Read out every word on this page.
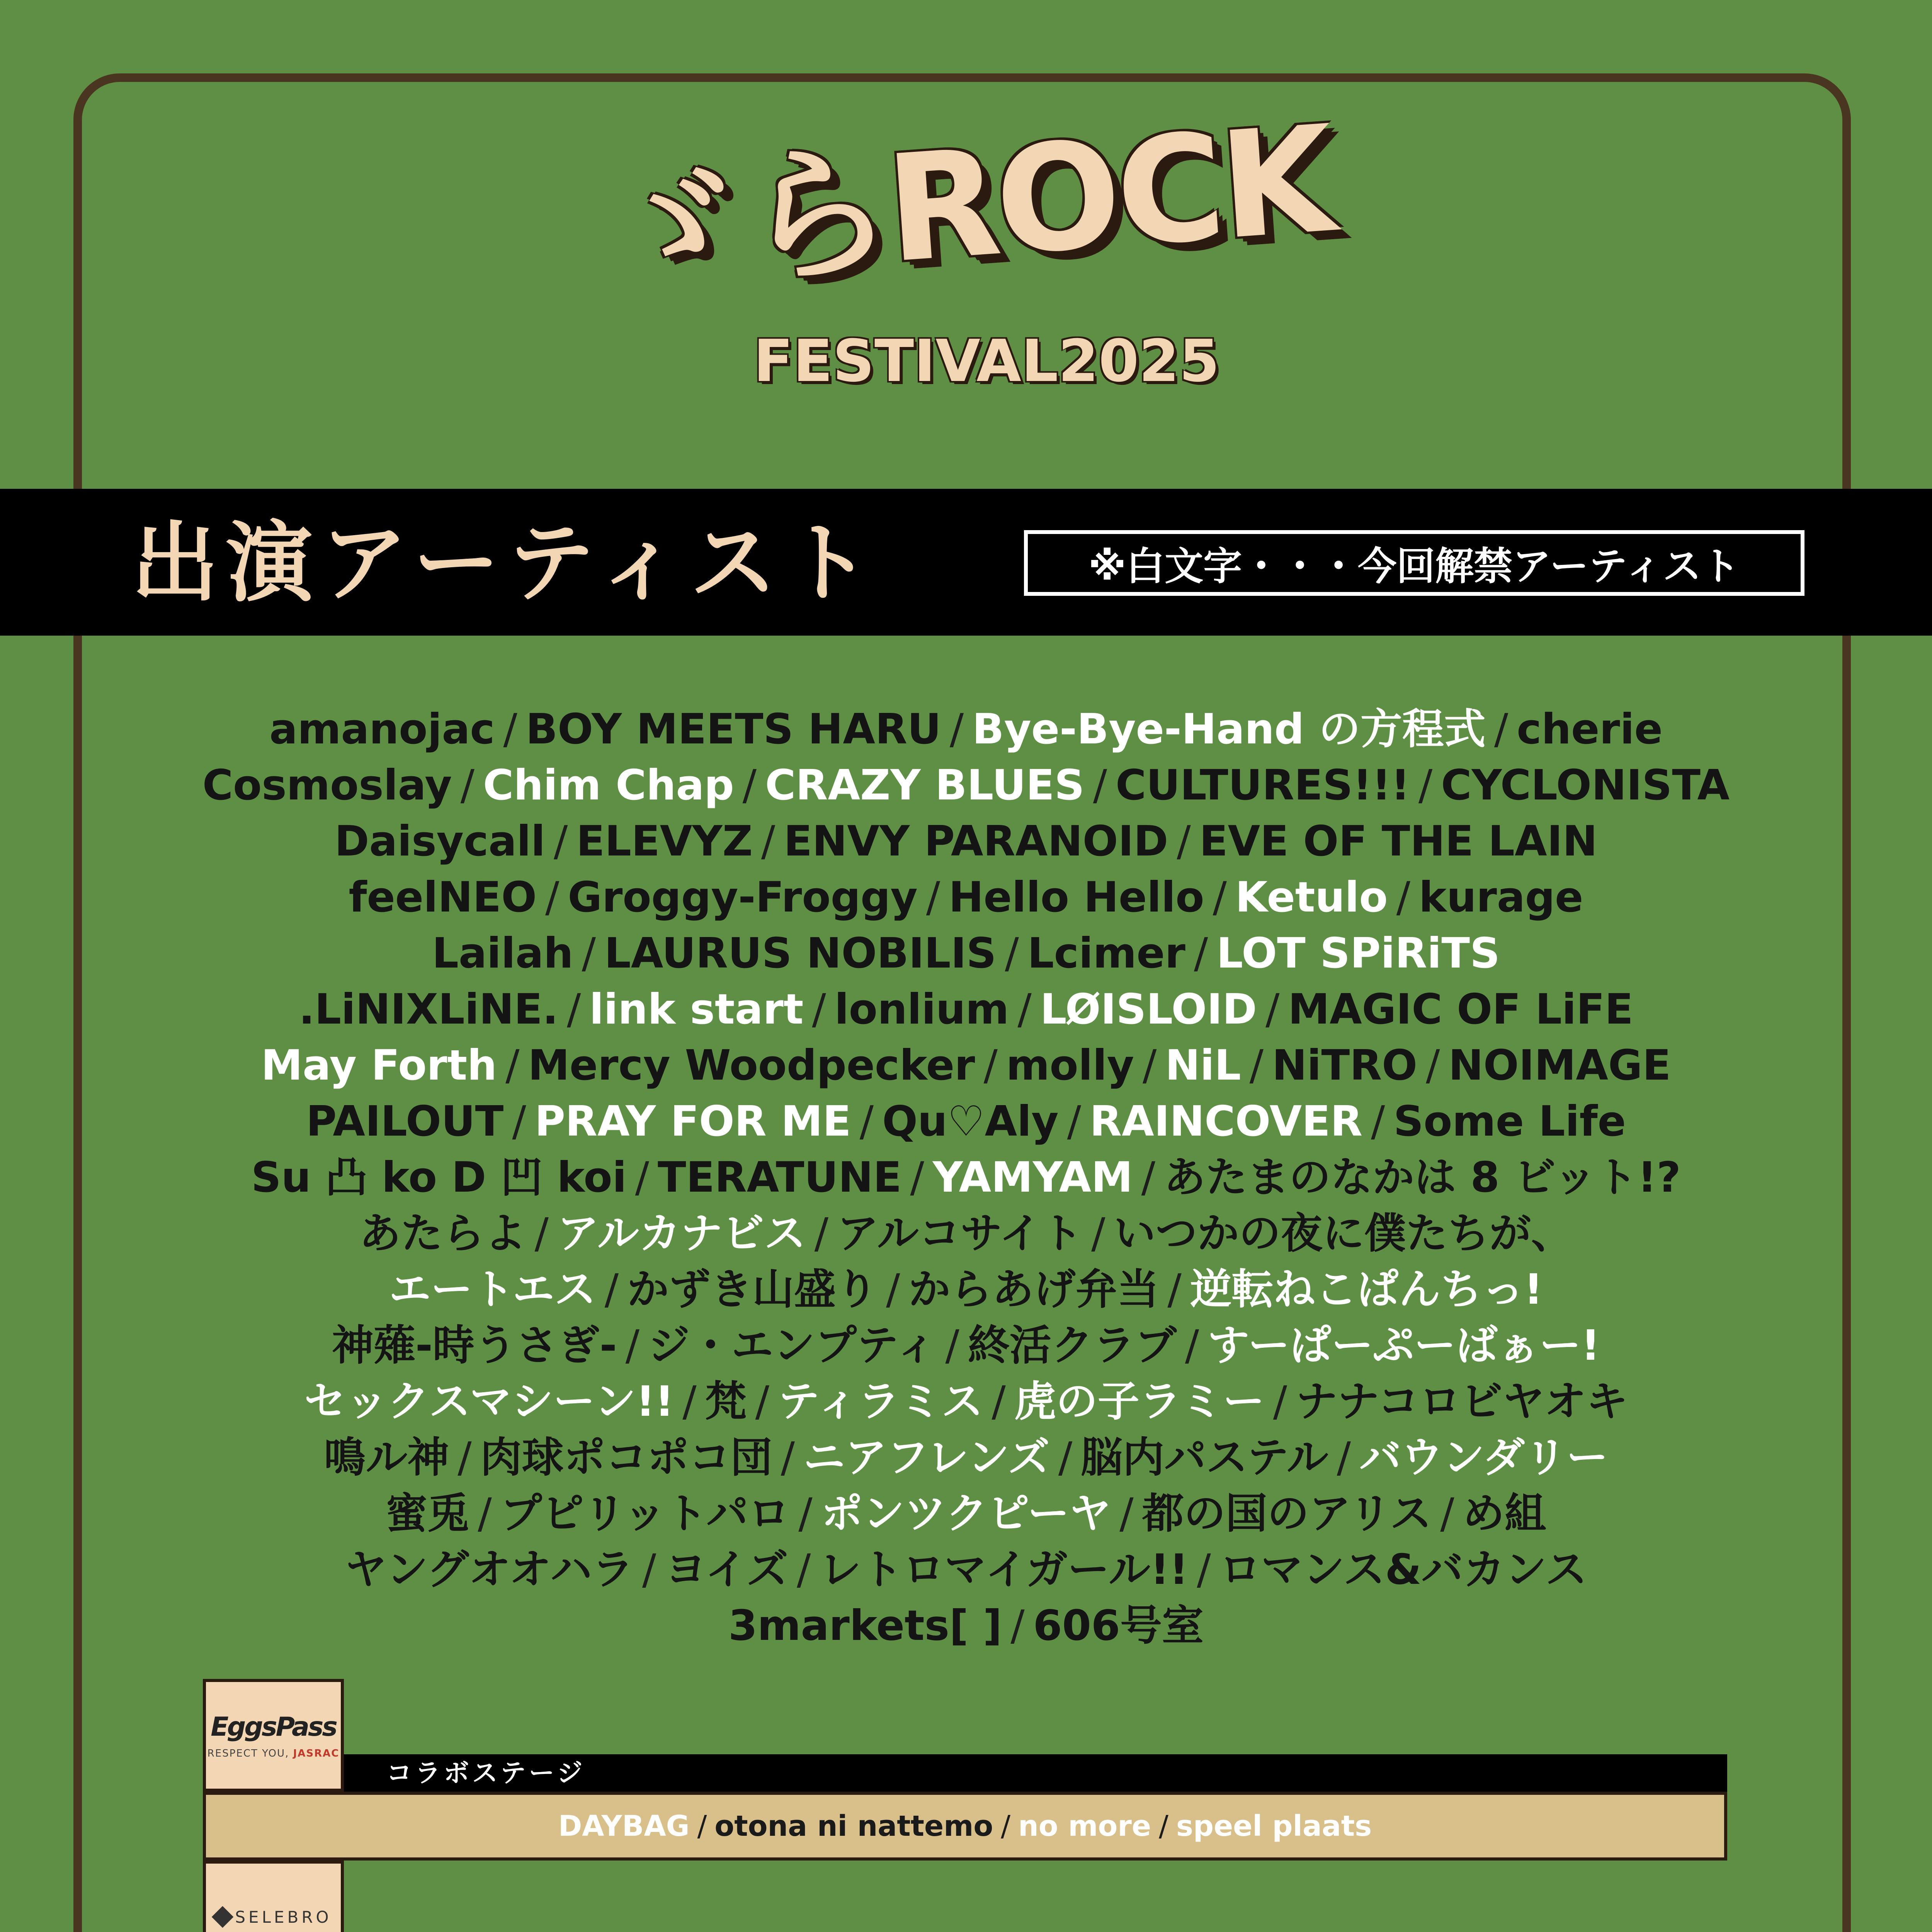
ゞらROCK
FESTIVAL2025
出演アーティスト	※白文字・・・今回解禁アーティスト
amanojac / BOY MEETS HARU / Bye-Bye-Hand の方程式 / cherie
Cosmoslay / Chim Chap / CRAZY BLUES / CULTURES!!! / CYCLONISTA
Daisycall / ELEVYZ / ENVY PARANOID / EVE OF THE LAIN
feelNEO / Groggy-Froggy / Hello Hello / Ketulo / kurage
Lailah / LAURUS NOBILIS / Lcimer / LOT SPiRiTS
.LiNIXLiNE. / link start / lonlium / LØISLOID / MAGIC OF LiFE
May Forth / Mercy Woodpecker / molly / NiL / NiTRO / NOIMAGE
PAILOUT / PRAY FOR ME / Qu♡Aly / RAINCOVER / Some Life
Su 凸 ko D 凹 koi / TERATUNE / YAMYAM / あたまのなかは 8 ビット!?
あたらよ / アルカナビス / アルコサイト / いつかの夜に僕たちが、
エートエス / かずき山盛り / からあげ弁当 / 逆転ねこぱんちっ!
神薙-時うさぎ- / ジ・エンプティ / 終活クラブ / すーぱーぷーばぁー!
セックスマシーン!! / 梵 / ティラミス / 虎の子ラミー / ナナコロビヤオキ
鳴ル神 / 肉球ポコポコ団 / ニアフレンズ / 脳内パステル / バウンダリー
蜜兎 / プピリットパロ / ポンツクピーヤ / 都の国のアリス / め組
ヤングオオハラ / ヨイズ / レトロマイガール!! / ロマンス&バカンス
3markets[ ] / 606号室
EggsPass
RESPECT YOU, JASRAC
コラボステージ
DAYBAG / otona ni nattemo / no more / speel plaats
SELEBRO
